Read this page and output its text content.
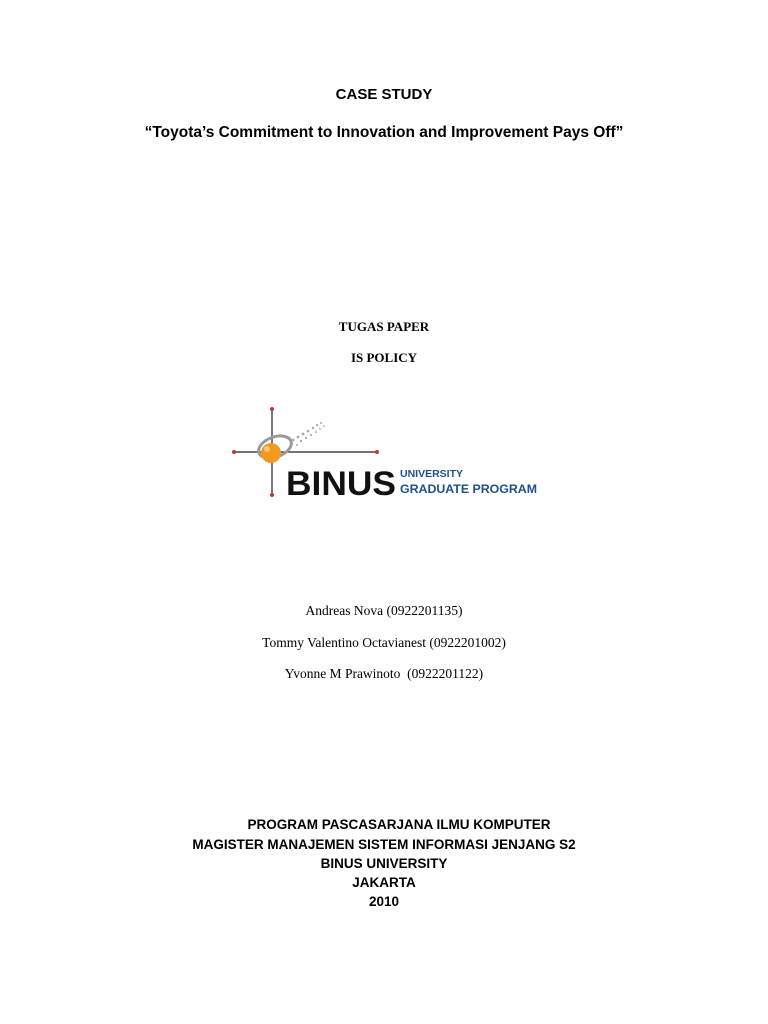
CASE STUDY
“Toyota’s Commitment to Innovation and Improvement Pays Off”
TUGAS PAPER
IS POLICY
BINUS UNIVERSITY
GRADUATE PROGRAM
Andreas Nova (0922201135)
Tommy Valentino Octavianest (0922201002)
Yvonne M Prawinoto  (0922201122)
PROGRAM PASCASARJANA ILMU KOMPUTER
MAGISTER MANAJEMEN SISTEM INFORMASI JENJANG S2
BINUS UNIVERSITY
JAKARTA
2010
